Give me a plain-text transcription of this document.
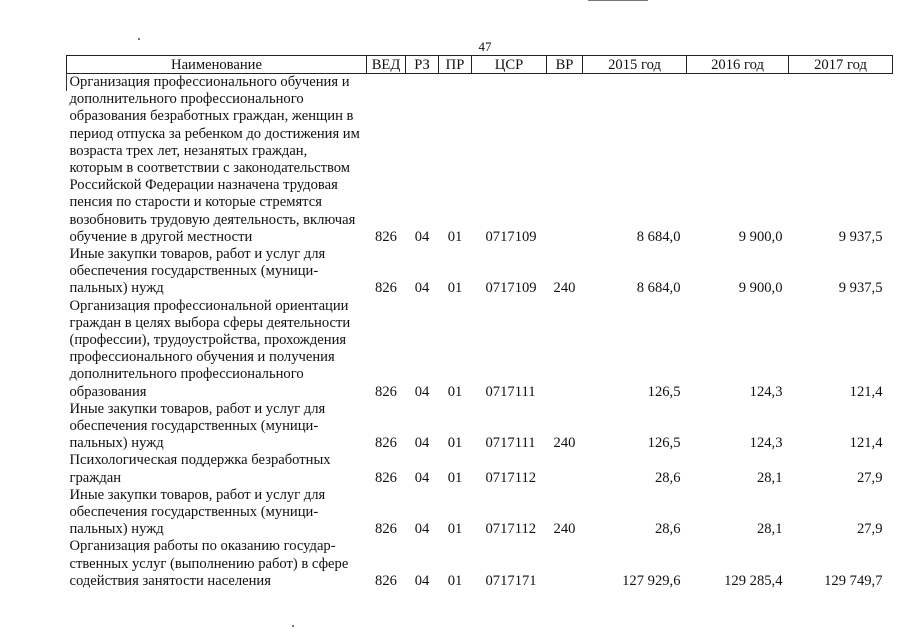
47
Наименование	ВЕД	РЗ	ПР	ЦСР	ВР	2015 год	2016 год	2017 год
Организация профессионального обучения и дополнительного профессионального образования безработных граждан, женщин в период отпуска за ребенком до достижения им возраста трех лет, незанятых граждан, которым в соответствии с законодательством Российской Федерации назначена трудовая пенсия по старости и которые стремятся возобновить трудовую деятельность, включая обучение в другой местности	826	04	01	0717109		8 684,0	9 900,0	9 937,5
Иные закупки товаров, работ и услуг для обеспечения государственных (муниципальных) нужд	826	04	01	0717109	240	8 684,0	9 900,0	9 937,5
Организация профессиональной ориентации граждан в целях выбора сферы деятельности (профессии), трудоустройства, прохождения профессионального обучения и получения дополнительного профессионального образования	826	04	01	0717111		126,5	124,3	121,4
Иные закупки товаров, работ и услуг для обеспечения государственных (муниципальных) нужд	826	04	01	0717111	240	126,5	124,3	121,4
Психологическая поддержка безработных граждан	826	04	01	0717112		28,6	28,1	27,9
Иные закупки товаров, работ и услуг для обеспечения государственных (муниципальных) нужд	826	04	01	0717112	240	28,6	28,1	27,9
Организация работы по оказанию государственных услуг (выполнению работ) в сфере содействия занятости населения	826	04	01	0717171		127 929,6	129 285,4	129 749,7
